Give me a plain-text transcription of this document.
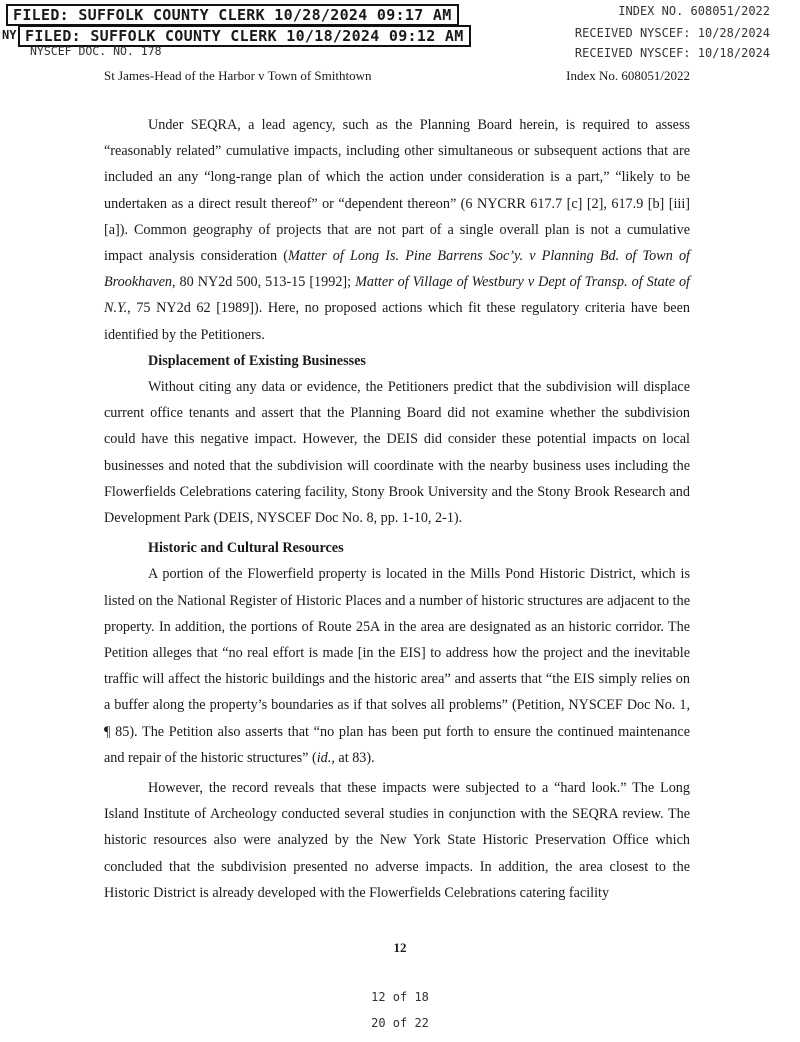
FILED: SUFFOLK COUNTY CLERK 10/28/2024 09:17 AM
NY FILED: SUFFOLK COUNTY CLERK 10/18/2024 09:12 AM
INDEX NO. 608051/2022
RECEIVED NYSCEF: 10/28/2024
RECEIVED NYSCEF: 10/18/2024
NYSCEF DOC. NO. 178
St James-Head of the Harbor v Town of Smithtown	Index No. 608051/2022

Under SEQRA, a lead agency, such as the Planning Board herein, is required to assess “reasonably related” cumulative impacts, including other simultaneous or subsequent actions that are included an any “long-range plan of which the action under consideration is a part,” “likely to be undertaken as a direct result thereof” or “dependent thereon” (6 NYCRR 617.7 [c] [2], 617.9 [b] [iii] [a]). Common geography of projects that are not part of a single overall plan is not a cumulative impact analysis consideration (Matter of Long Is. Pine Barrens Soc’y. v Planning Bd. of Town of Brookhaven, 80 NY2d 500, 513-15 [1992]; Matter of Village of Westbury v Dept of Transp. of State of N.Y., 75 NY2d 62 [1989]). Here, no proposed actions which fit these regulatory criteria have been identified by the Petitioners.

Displacement of Existing Businesses

Without citing any data or evidence, the Petitioners predict that the subdivision will displace current office tenants and assert that the Planning Board did not examine whether the subdivision could have this negative impact. However, the DEIS did consider these potential impacts on local businesses and noted that the subdivision will coordinate with the nearby business uses including the Flowerfields Celebrations catering facility, Stony Brook University and the Stony Brook Research and Development Park (DEIS, NYSCEF Doc No. 8, pp. 1-10, 2-1).

Historic and Cultural Resources

A portion of the Flowerfield property is located in the Mills Pond Historic District, which is listed on the National Register of Historic Places and a number of historic structures are adjacent to the property. In addition, the portions of Route 25A in the area are designated as an historic corridor. The Petition alleges that “no real effort is made [in the EIS] to address how the project and the inevitable traffic will affect the historic buildings and the historic area” and asserts that “the EIS simply relies on a buffer along the property’s boundaries as if that solves all problems” (Petition, NYSCEF Doc No. 1, ¶ 85). The Petition also asserts that “no plan has been put forth to ensure the continued maintenance and repair of the historic structures” (id., at 83).

However, the record reveals that these impacts were subjected to a “hard look.” The Long Island Institute of Archeology conducted several studies in conjunction with the SEQRA review. The historic resources also were analyzed by the New York State Historic Preservation Office which concluded that the subdivision presented no adverse impacts. In addition, the area closest to the Historic District is already developed with the Flowerfields Celebrations catering facility

12
12 of 18
20 of 22
